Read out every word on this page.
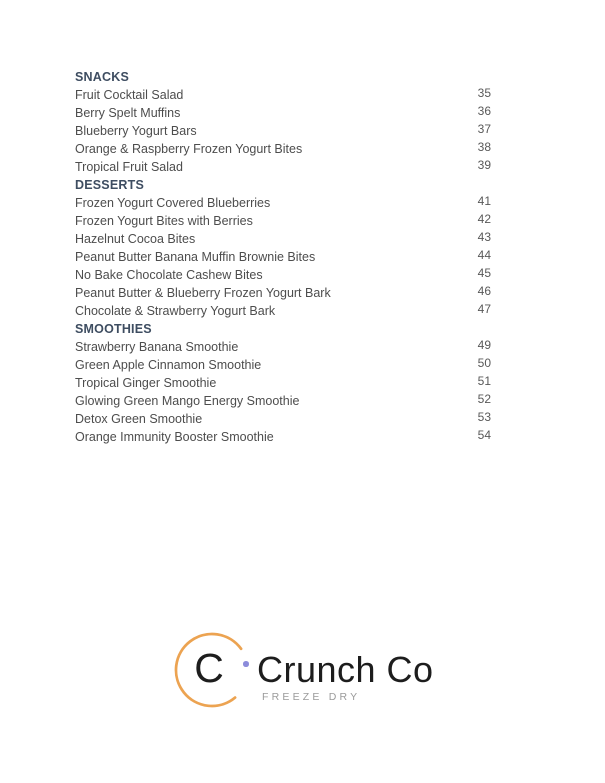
SNACKS
Fruit Cocktail Salad	35
Berry Spelt Muffins	36
Blueberry Yogurt Bars	37
Orange & Raspberry Frozen Yogurt Bites	38
Tropical Fruit Salad	39
DESSERTS
Frozen Yogurt Covered Blueberries	41
Frozen Yogurt Bites with Berries	42
Hazelnut Cocoa Bites	43
Peanut Butter Banana Muffin Brownie Bites	44
No Bake Chocolate Cashew Bites	45
Peanut Butter & Blueberry Frozen Yogurt Bark	46
Chocolate & Strawberry Yogurt Bark	47
SMOOTHIES
Strawberry Banana Smoothie	49
Green Apple Cinnamon Smoothie	50
Tropical Ginger Smoothie	51
Glowing Green Mango Energy Smoothie	52
Detox Green Smoothie	53
Orange Immunity Booster Smoothie	54
C Crunch Co
FREEZE DRY
